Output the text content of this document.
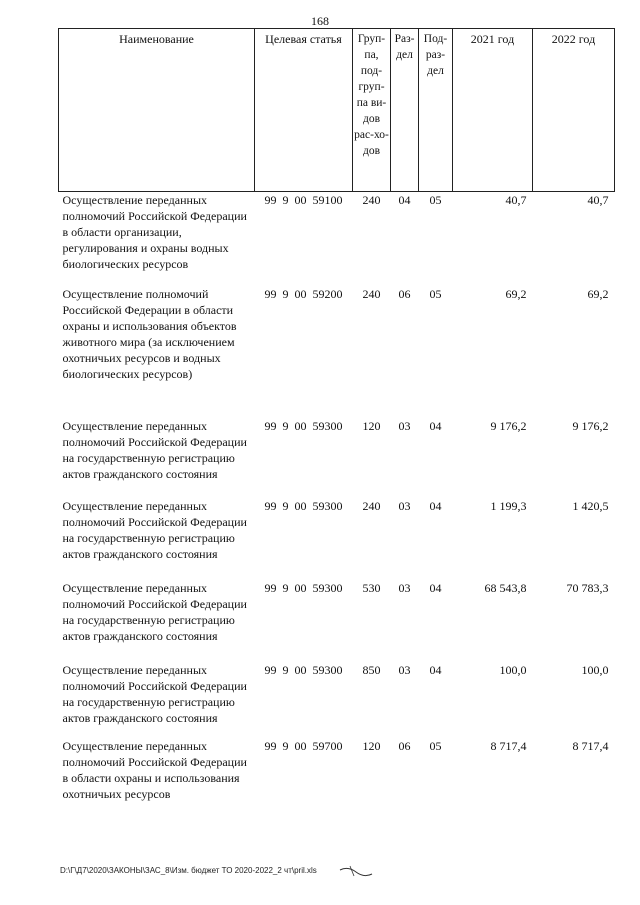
168
Наименование	Целевая статья	Груп-па, под-груп-па ви-дов рас-хо-дов	Раз-дел	Под-раз-дел	2021 год	2022 год
Осуществление переданных полномочий Российской Федерации в области организации, регулирования и охраны водных биологических ресурсов	99 9 00 59100	240	04	05	40,7	40,7
Осуществление полномочий Российской Федерации в области охраны и использования объектов животного мира (за исключением охотничьих ресурсов и водных биологических ресурсов)	99 9 00 59200	240	06	05	69,2	69,2
Осуществление переданных полномочий Российской Федерации на государственную регистрацию актов гражданского состояния	99 9 00 59300	120	03	04	9 176,2	9 176,2
Осуществление переданных полномочий Российской Федерации на государственную регистрацию актов гражданского состояния	99 9 00 59300	240	03	04	1 199,3	1 420,5
Осуществление переданных полномочий Российской Федерации на государственную регистрацию актов гражданского состояния	99 9 00 59300	530	03	04	68 543,8	70 783,3
Осуществление переданных полномочий Российской Федерации на государственную регистрацию актов гражданского состояния	99 9 00 59300	850	03	04	100,0	100,0
Осуществление переданных полномочий Российской Федерации в области охраны и использования охотничьих ресурсов	99 9 00 59700	120	06	05	8 717,4	8 717,4
D:\Г\Д7\2020\ЗАКОНЫ\ЗАС_8\Изм. бюджет ТО 2020-2022_2 чт\pril.xls
